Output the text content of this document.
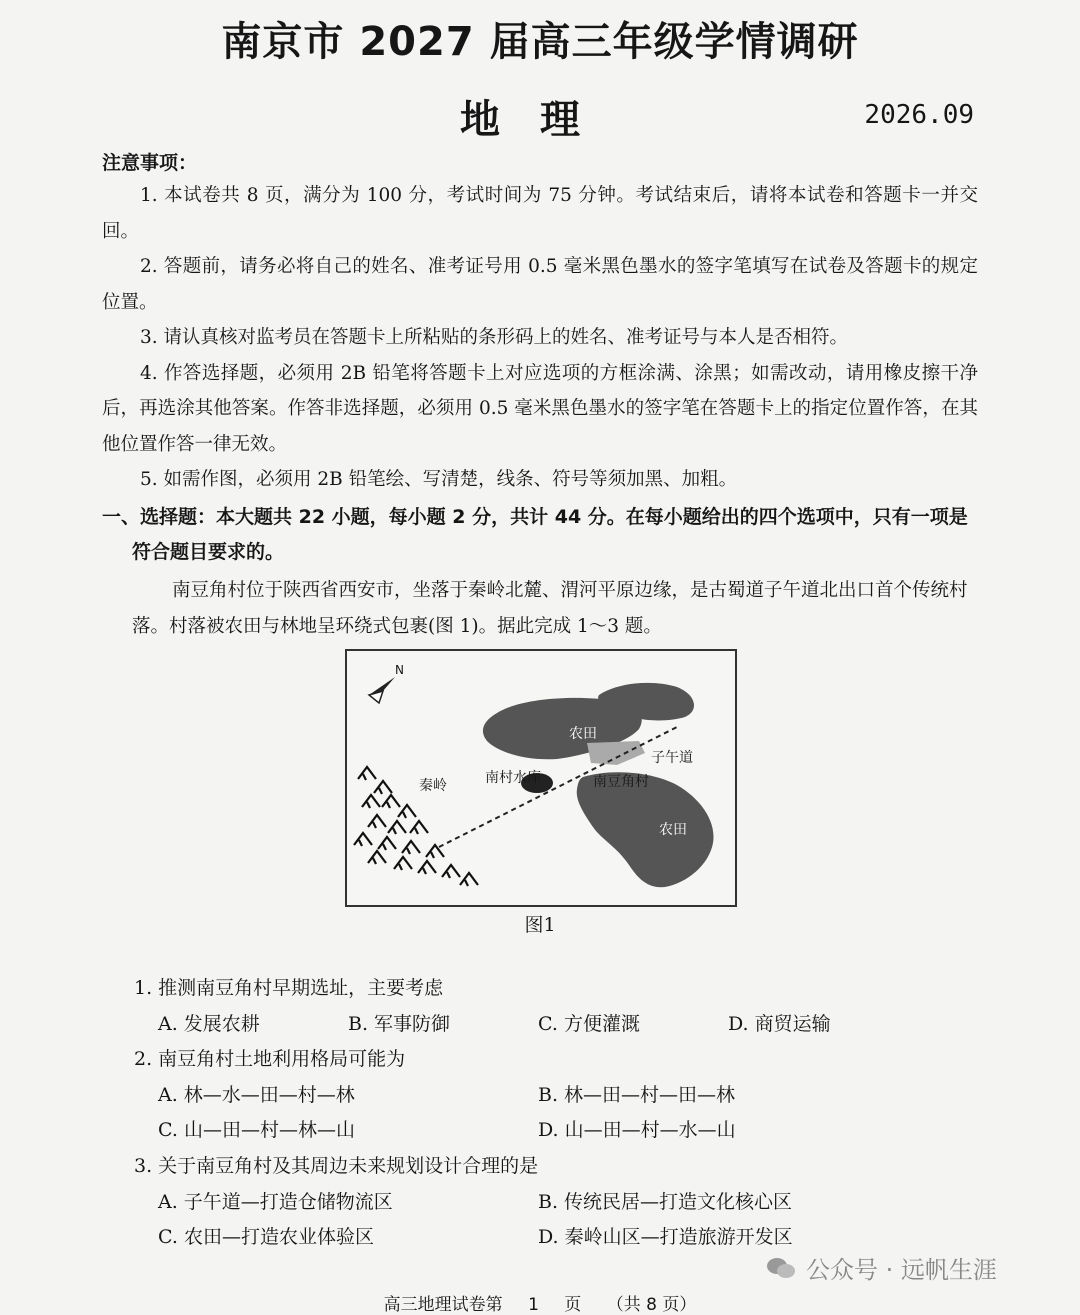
南京市 2027 届高三年级学情调研
地理	2026.09
注意事项：

1. 本试卷共 8 页，满分为 100 分，考试时间为 75 分钟。考试结束后，请将本试卷和答题卡一并交回。

2. 答题前，请务必将自己的姓名、准考证号用 0.5 毫米黑色墨水的签字笔填写在试卷及答题卡的规定位置。

3. 请认真核对监考员在答题卡上所粘贴的条形码上的姓名、准考证号与本人是否相符。

4. 作答选择题，必须用 2B 铅笔将答题卡上对应选项的方框涂满、涂黑；如需改动，请用橡皮擦干净后，再选涂其他答案。作答非选择题，必须用 0.5 毫米黑色墨水的签字笔在答题卡上的指定位置作答，在其他位置作答一律无效。

5. 如需作图，必须用 2B 铅笔绘、写清楚，线条、符号等须加黑、加粗。

一、选择题：本大题共 22 小题，每小题 2 分，共计 44 分。在每小题给出的四个选项中，只有一项是
符合题目要求的。

南豆角村位于陕西省西安市，坐落于秦岭北麓、渭河平原边缘，是古蜀道子午道北出口首个传统村落。村落被农田与林地呈环绕式包裹(图 1)。据此完成 1～3 题。

农田
子午道
秦岭	南村水库	南豆角村
农田
N
图1
1. 推测南豆角村早期选址，主要考虑
A. 发展农耕	B. 军事防御	C. 方便灌溉	D. 商贸运输
2. 南豆角村土地利用格局可能为
A. 林—水—田—村—林	B. 林—田—村—田—林
C. 山—田—村—林—山	D. 山—田—村—水—山
3. 关于南豆角村及其周边未来规划设计合理的是
A. 子午道—打造仓储物流区	B. 传统民居—打造文化核心区
C. 农田—打造农业体验区	D. 秦岭山区—打造旅游开发区
公众号 · 远帆生涯
高三地理试卷第 1 页 （共 8 页）
